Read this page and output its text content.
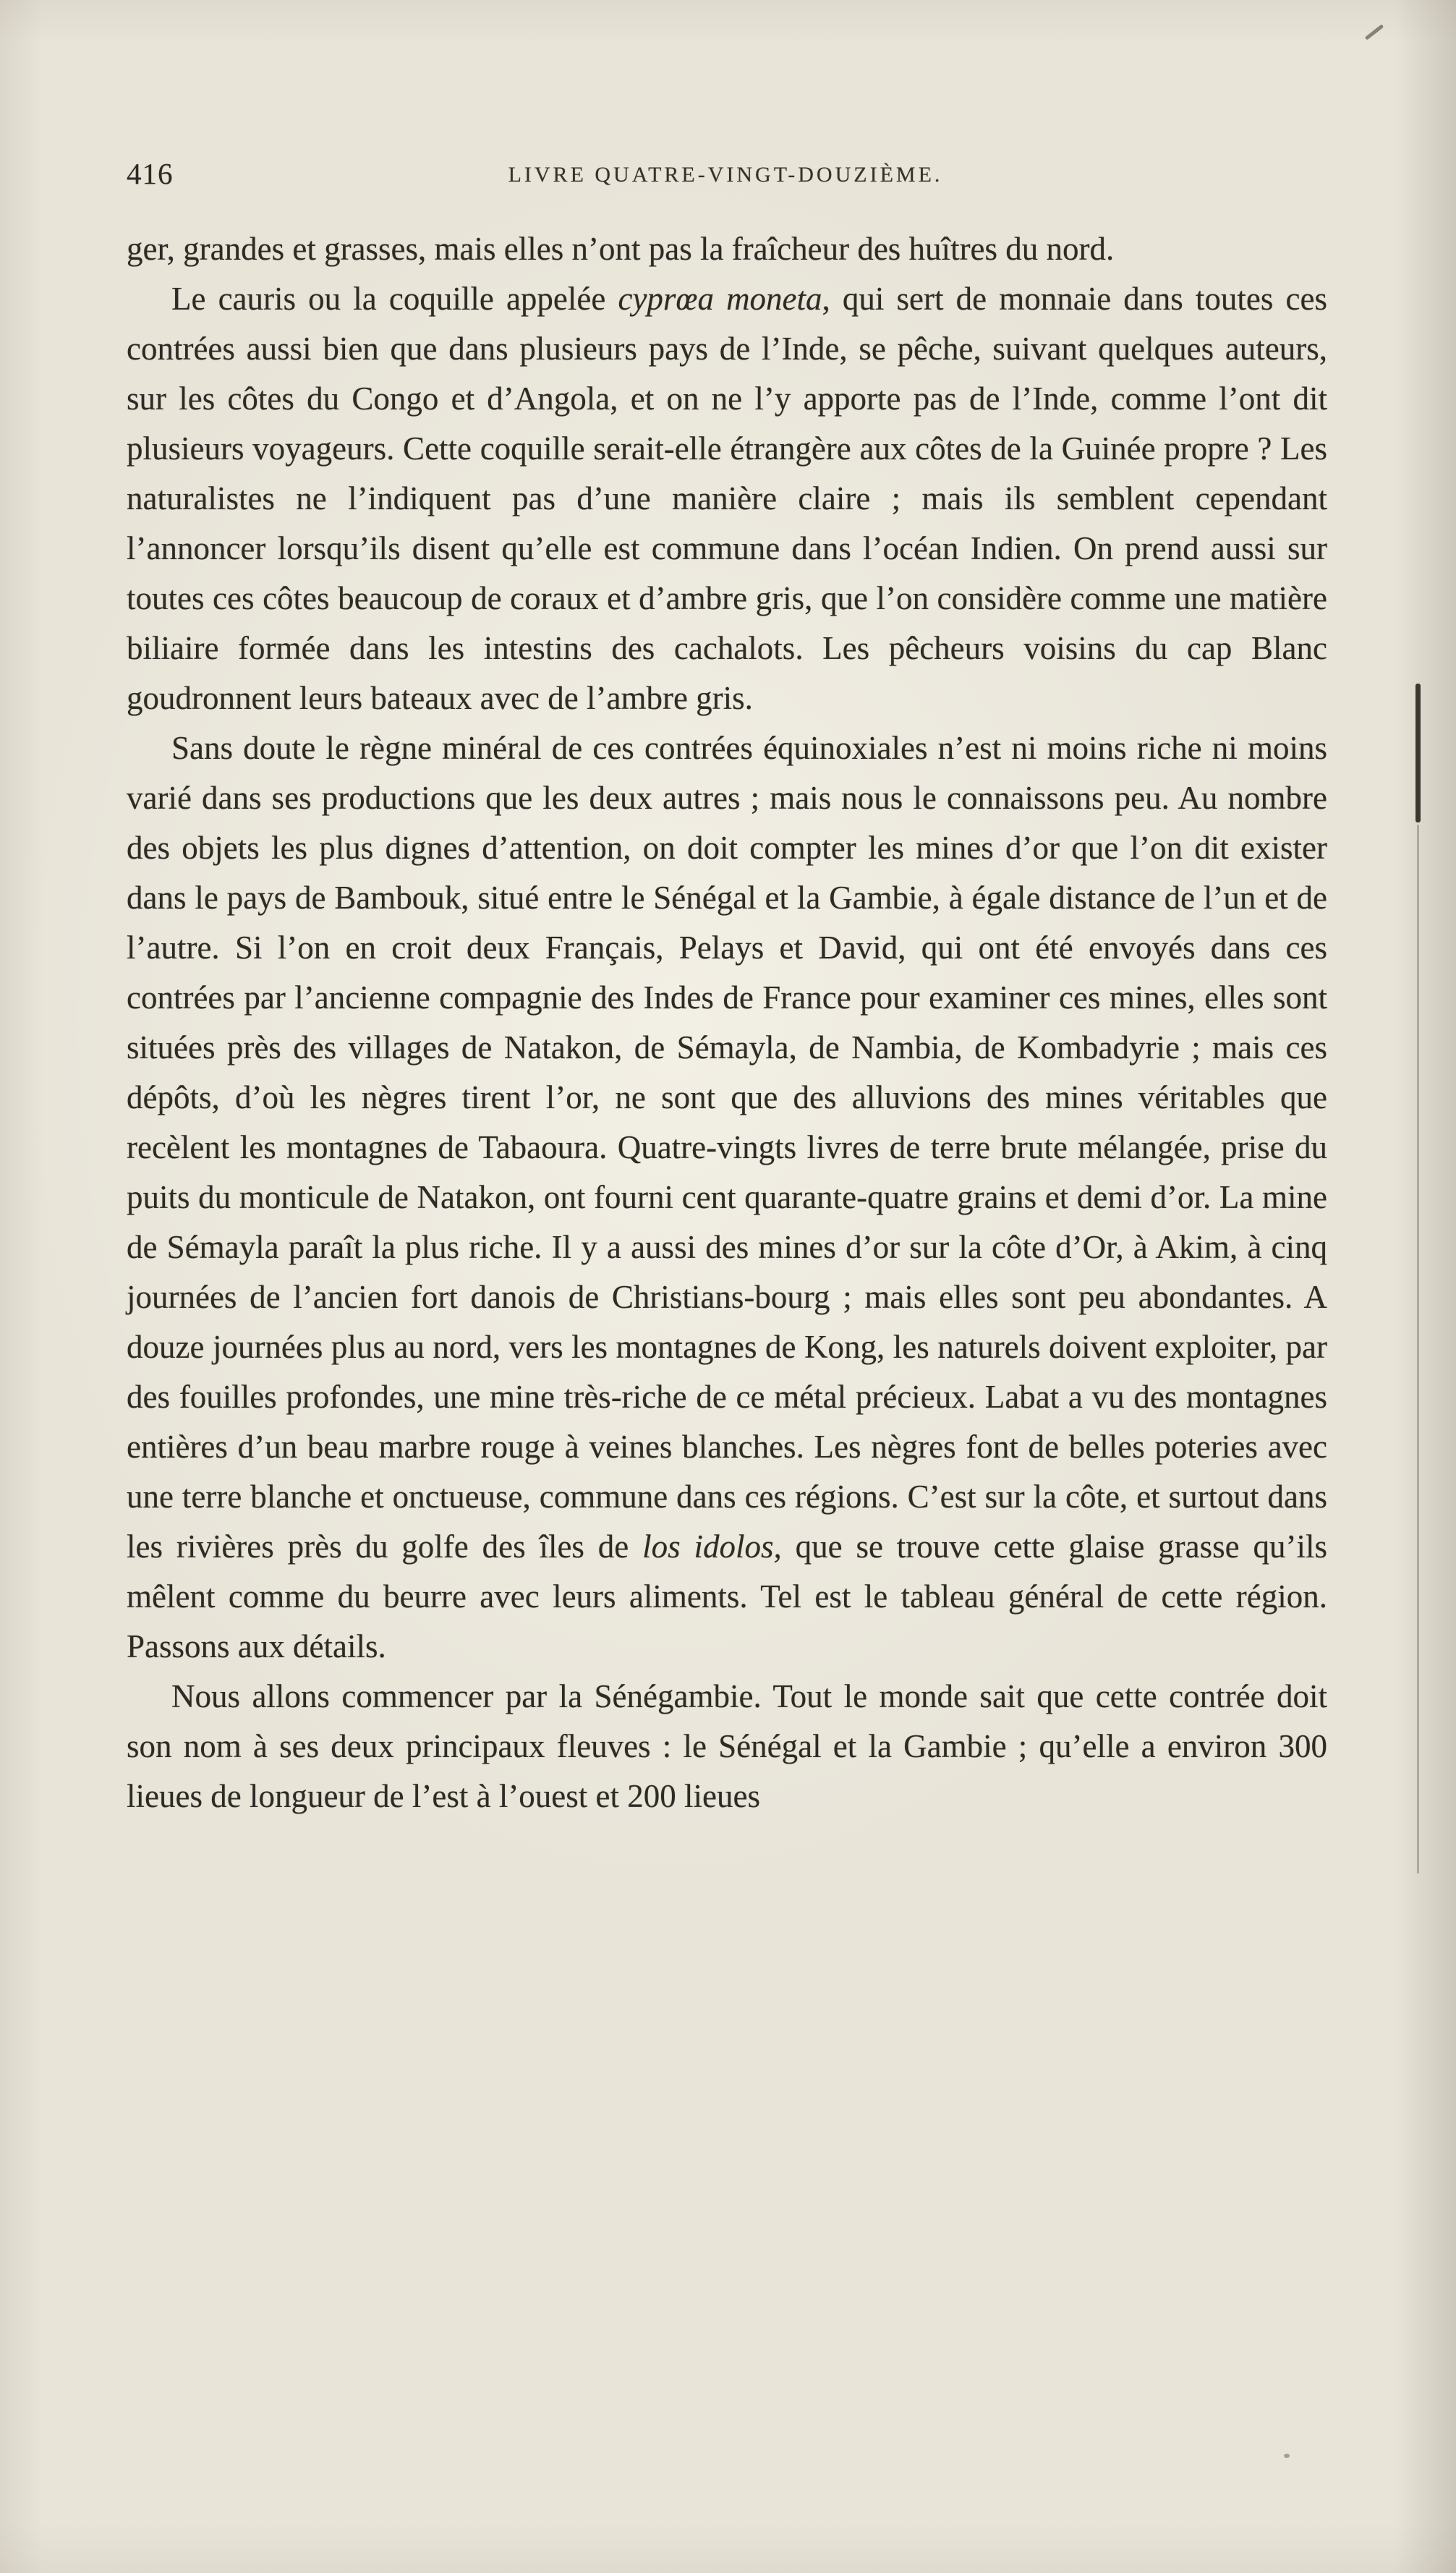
416	LIVRE QUATRE-VINGT-DOUZIÈME.

ger, grandes et grasses, mais elles n’ont pas la fraîcheur des huîtres du nord.

Le cauris ou la coquille appelée cyprœa moneta, qui sert de monnaie dans toutes ces contrées aussi bien que dans plusieurs pays de l’Inde, se pêche, suivant quelques auteurs, sur les côtes du Congo et d’Angola, et on ne l’y apporte pas de l’Inde, comme l’ont dit plusieurs voyageurs. Cette coquille serait-elle étrangère aux côtes de la Guinée propre ? Les naturalistes ne l’indiquent pas d’une manière claire ; mais ils semblent cependant l’annoncer lorsqu’ils disent qu’elle est commune dans l’océan Indien. On prend aussi sur toutes ces côtes beaucoup de coraux et d’ambre gris, que l’on considère comme une matière biliaire formée dans les intestins des cachalots. Les pêcheurs voisins du cap Blanc goudronnent leurs bateaux avec de l’ambre gris.

Sans doute le règne minéral de ces contrées équinoxiales n’est ni moins riche ni moins varié dans ses productions que les deux autres ; mais nous le connaissons peu. Au nombre des objets les plus dignes d’attention, on doit compter les mines d’or que l’on dit exister dans le pays de Bambouk, situé entre le Sénégal et la Gambie, à égale distance de l’un et de l’autre. Si l’on en croit deux Français, Pelays et David, qui ont été envoyés dans ces contrées par l’ancienne compagnie des Indes de France pour examiner ces mines, elles sont situées près des villages de Natakon, de Sémayla, de Nambia, de Kombadyrie ; mais ces dépôts, d’où les nègres tirent l’or, ne sont que des alluvions des mines véritables que recèlent les montagnes de Tabaoura. Quatre-vingts livres de terre brute mélangée, prise du puits du monticule de Natakon, ont fourni cent quarante-quatre grains et demi d’or. La mine de Sémayla paraît la plus riche. Il y a aussi des mines d’or sur la côte d’Or, à Akim, à cinq journées de l’ancien fort danois de Christians-bourg ; mais elles sont peu abondantes. A douze journées plus au nord, vers les montagnes de Kong, les naturels doivent exploiter, par des fouilles profondes, une mine très-riche de ce métal précieux. Labat a vu des montagnes entières d’un beau marbre rouge à veines blanches. Les nègres font de belles poteries avec une terre blanche et onctueuse, commune dans ces régions. C’est sur la côte, et surtout dans les rivières près du golfe des îles de los idolos, que se trouve cette glaise grasse qu’ils mêlent comme du beurre avec leurs aliments. Tel est le tableau général de cette région. Passons aux détails.

Nous allons commencer par la Sénégambie. Tout le monde sait que cette contrée doit son nom à ses deux principaux fleuves : le Sénégal et la Gambie ; qu’elle a environ 300 lieues de longueur de l’est à l’ouest et 200 lieues
